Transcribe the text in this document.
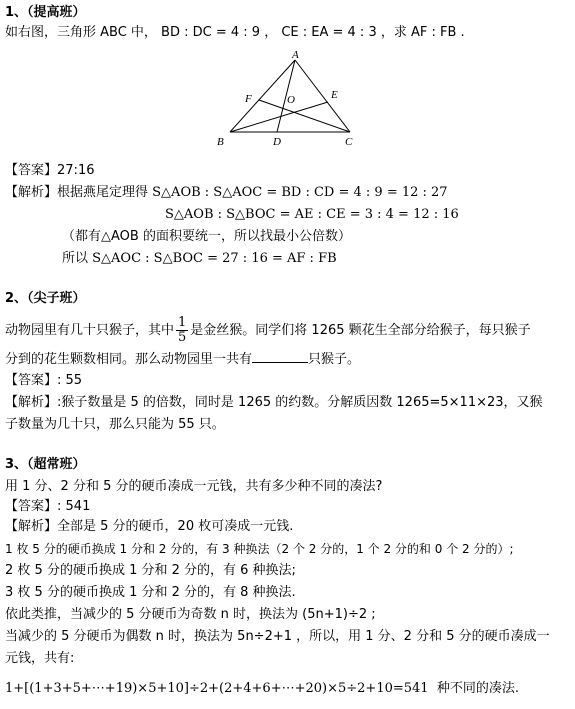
1、（提高班）
如右图，三角形 ABC 中， BD : DC = 4 : 9 ， CE : EA = 4 : 3 ，求 AF : FB .
A
B	C
D
E
F	O
【答案】27:16
【解析】根据燕尾定理得 S△AOB : S△AOC = BD : CD = 4 : 9 = 12 : 27
S△AOB : S△BOC = AE : CE = 3 : 4 = 12 : 16
（都有△AOB 的面积要统一，所以找最小公倍数）
所以 S△AOC : S△BOC = 27 : 16 = AF : FB
2、（尖子班）
动物园里有几十只猴子，其中 $\frac{1}{5}$ 是金丝猴。同学们将 1265 颗花生全部分给猴子，每只猴子
分到的花生颗数相同。那么动物园里一共有	只猴子。
【答案】: 55
【解析】:猴子数量是 5 的倍数，同时是 1265 的约数。分解质因数 1265=5×11×23，又猴
子数量为几十只，那么只能为 55 只。
3、（超常班）
用 1 分、2 分和 5 分的硬币凑成一元钱，共有多少种不同的凑法?
【答案】: 541
【解析】全部是 5 分的硬币，20 枚可凑成一元钱.
1 枚 5 分的硬币换成 1 分和 2 分的，有 3 种换法（2 个 2 分的，1 个 2 分的和 0 个 2 分的）;
2 枚 5 分的硬币换成 1 分和 2 分的，有 6 种换法;
3 枚 5 分的硬币换成 1 分和 2 分的，有 8 种换法.
依此类推，当减少的 5 分硬币为奇数 n 时，换法为 (5n+1)÷2 ;
当减少的 5 分硬币为偶数 n 时，换法为 5n÷2+1 ，所以，用 1 分、2 分和 5 分的硬币凑成一
元钱，共有:
1+[(1+3+5+⋯+19)×5+10]÷2+(2+4+6+⋯+20)×5÷2+10=541 种不同的凑法.
